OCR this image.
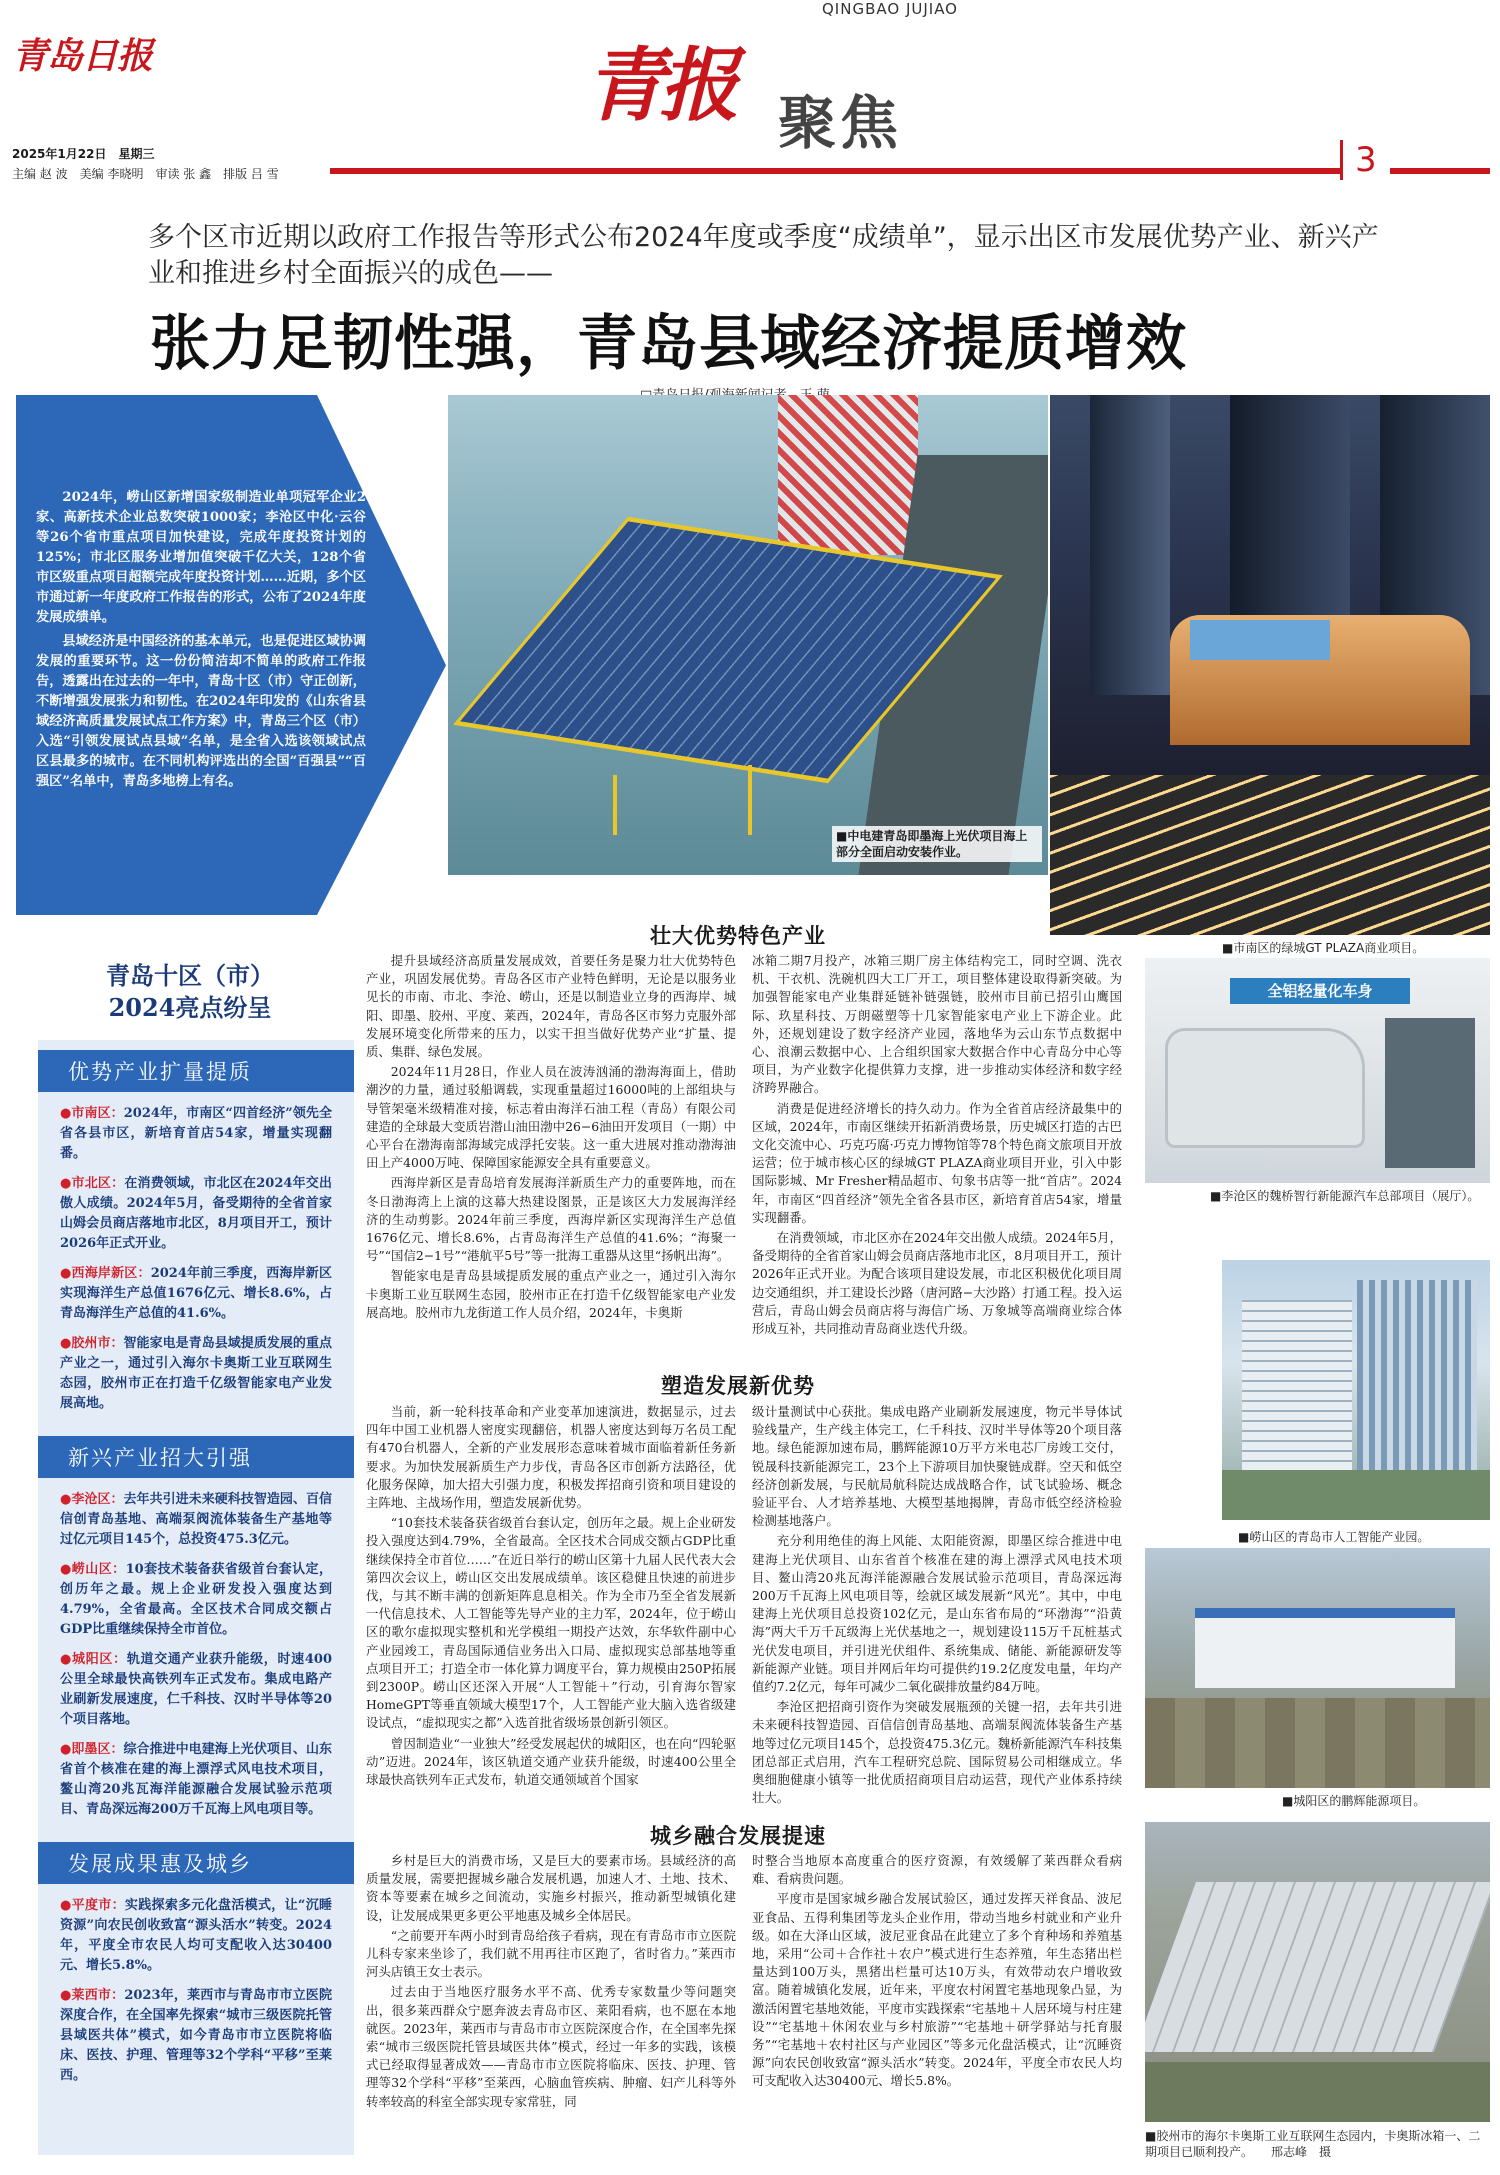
QINGBAO JUJIAO
青岛日报	青报 聚焦
2025年1月22日　星期三
主编 赵 波　美编 李晓明　审读 张 鑫　排版 吕 雪	3
多个区市近期以政府工作报告等形式公布2024年度或季度“成绩单”，显示出区市发展优势产业、新兴产业和推进乡村全面振兴的成色——
张力足韧性强，青岛县域经济提质增效

2024年，崂山区新增国家级制造业单项冠军企业2家、高新技术企业总数突破1000家；李沧区中化·云谷等26个省市重点项目加快建设，完成年度投资计划的125%；市北区服务业增加值突破千亿大关，128个省市区级重点项目超额完成年度投资计划……近期，多个区市通过新一年度政府工作报告的形式，公布了2024年度发展成绩单。

县域经济是中国经济的基本单元，也是促进区域协调发展的重要环节。这一份份简洁却不简单的政府工作报告，透露出在过去的一年中，青岛十区（市）守正创新，不断增强发展张力和韧性。在2024年印发的《山东省县域经济高质量发展试点工作方案》中，青岛三个区（市）入选“引领发展试点县域”名单，是全省入选该领域试点区县最多的城市。在不同机构评选出的全国“百强县”“百强区”名单中，青岛多地榜上有名。

■中电建青岛即墨海上光伏项目海上部分全面启动安装作业。
■市南区的绿城GT PLAZA商业项目。
青岛十区（市）
2024亮点纷呈
优势产业扩量提质

●市南区：2024年，市南区“四首经济”领先全省各县市区，新培育首店54家，增量实现翻番。

●市北区：在消费领域，市北区在2024年交出傲人成绩。2024年5月，备受期待的全省首家山姆会员商店落地市北区，8月项目开工，预计2026年正式开业。

●西海岸新区：2024年前三季度，西海岸新区实现海洋生产总值1676亿元、增长8.6%，占青岛海洋生产总值的41.6%。

●胶州市：智能家电是青岛县域提质发展的重点产业之一，通过引入海尔卡奥斯工业互联网生态园，胶州市正在打造千亿级智能家电产业发展高地。

新兴产业招大引强

●李沧区：去年共引进未来硬科技智造园、百信信创青岛基地、高端泵阀流体装备生产基地等过亿元项目145个，总投资475.3亿元。

●崂山区：10套技术装备获省级首台套认定，创历年之最。规上企业研发投入强度达到4.79%，全省最高。全区技术合同成交额占GDP比重继续保持全市首位。

●城阳区：轨道交通产业获升能级，时速400公里全球最快高铁列车正式发布。集成电路产业刷新发展速度，仁千科技、汉时半导体等20个项目落地。

●即墨区：综合推进中电建海上光伏项目、山东省首个核准在建的海上漂浮式风电技术项目，鳌山湾20兆瓦海洋能源融合发展试验示范项目、青岛深远海200万千瓦海上风电项目等。

发展成果惠及城乡

●平度市：实践探索多元化盘活模式，让“沉睡资源”向农民创收致富“源头活水”转变。2024年，平度全市农民人均可支配收入达30400元、增长5.8%。

●莱西市：2023年，莱西市与青岛市市立医院深度合作，在全国率先探索“城市三级医院托管县域医共体”模式，如今青岛市市立医院将临床、医技、护理、管理等32个学科“平移”至莱西。

壮大优势特色产业

提升县域经济高质量发展成效，首要任务是聚力壮大优势特色产业，巩固发展优势。青岛各区市产业特色鲜明，无论是以服务业见长的市南、市北、李沧、崂山，还是以制造业立身的西海岸、城阳、即墨、胶州、平度、莱西，2024年，青岛各区市努力克服外部发展环境变化所带来的压力，以实干担当做好优势产业“扩量、提质、集群、绿色发展。

2024年11月28日，作业人员在波涛汹涌的渤海海面上，借助潮汐的力量，通过驳船调载，实现重量超过16000吨的上部组块与导管架毫米级精准对接，标志着由海洋石油工程（青岛）有限公司建造的全球最大变质岩潜山油田渤中26−6油田开发项目（一期）中心平台在渤海南部海域完成浮托安装。这一重大进展对推动渤海油田上产4000万吨、保障国家能源安全具有重要意义。

西海岸新区是青岛培育发展海洋新质生产力的重要阵地，而在冬日渤海湾上上演的这幕大热建设图景，正是该区大力发展海洋经济的生动剪影。2024年前三季度，西海岸新区实现海洋生产总值1676亿元、增长8.6%，占青岛海洋生产总值的41.6%；“海聚一号”“国信2−1号”“港航平5号”等一批海工重器从这里“扬帆出海”。

智能家电是青岛县域提质发展的重点产业之一，通过引入海尔卡奥斯工业互联网生态园，胶州市正在打造千亿级智能家电产业发展高地。胶州市九龙街道工作人员介绍，2024年，卡奥斯

冰箱二期7月投产，冰箱三期厂房主体结构完工，同时空调、洗衣机、干衣机、洗碗机四大工厂开工，项目整体建设取得新突破。为加强智能家电产业集群延链补链强链，胶州市目前已招引山鹰国际、玖星科技、万朗磁塑等十几家智能家电产业上下游企业。此外，还规划建设了数字经济产业园，落地华为云山东节点数据中心、浪潮云数据中心、上合组织国家大数据合作中心青岛分中心等项目，为产业数字化提供算力支撑，进一步推动实体经济和数字经济跨界融合。

消费是促进经济增长的持久动力。作为全省首店经济最集中的区域，2024年，市南区继续开拓新消费场景，历史城区打造的古巴文化交流中心、巧克巧腐·巧克力博物馆等78个特色商文旅项目开放运营；位于城市核心区的绿城GT PLAZA商业项目开业，引入中影国际影城、Mr Fresher精品超市、句象书店等一批“首店”。2024年，市南区“四首经济”领先全省各县市区，新培育首店54家，增量实现翻番。

在消费领域，市北区亦在2024年交出傲人成绩。2024年5月，备受期待的全省首家山姆会员商店落地市北区，8月项目开工，预计2026年正式开业。为配合该项目建设发展，市北区积极优化项目周边交通组织，并工建设长沙路（唐河路−大沙路）打通工程。投入运营后，青岛山姆会员商店将与海信广场、万象城等高端商业综合体形成互补，共同推动青岛商业迭代升级。

全铝轻量化车身
■李沧区的魏桥智行新能源汽车总部项目（展厅）。
塑造发展新优势

当前，新一轮科技革命和产业变革加速演进，数据显示，过去四年中国工业机器人密度实现翻倍，机器人密度达到每万名员工配有470台机器人，全新的产业发展形态意味着城市面临着新任务新要求。为加快发展新质生产力步伐，青岛各区市创新方法路径，优化服务保障，加大招大引强力度，积极发挥招商引资和项目建设的主阵地、主战场作用，塑造发展新优势。

“10套技术装备获省级首台套认定，创历年之最。规上企业研发投入强度达到4.79%，全省最高。全区技术合同成交额占GDP比重继续保持全市首位……”在近日举行的崂山区第十九届人民代表大会第四次会议上，崂山区交出发展成绩单。该区稳健且快速的前进步伐，与其不断丰满的创新矩阵息息相关。作为全市乃至全省发展新一代信息技术、人工智能等先导产业的主力军，2024年，位于崂山区的歌尔虚拟现实整机和光学模组一期投产达效，东华软件副中心产业园竣工，青岛国际通信业务出入口局、虚拟现实总部基地等重点项目开工；打造全市一体化算力调度平台，算力规模由250P拓展到2300P。崂山区还深入开展“人工智能＋”行动，引育海尔智家HomeGPT等垂直领域大模型17个，人工智能产业大脑入选省级建设试点，“虚拟现实之都”入选首批省级场景创新引领区。

曾因制造业“一业独大”经受发展起伏的城阳区，也在向“四轮驱动”迈进。2024年，该区轨道交通产业获升能级，时速400公里全球最快高铁列车正式发布，轨道交通领域首个国家

级计量测试中心获批。集成电路产业刷新发展速度，物元半导体试验线量产，生产线主体完工，仁千科技、汉时半导体等20个项目落地。绿色能源加速布局，鹏辉能源10万平方米电芯厂房竣工交付，锐晟科技新能源完工，23个上下游项目加快聚链成群。空天和低空经济创新发展，与民航局航科院达成战略合作，试飞试验场、概念验证平台、人才培养基地、大模型基地揭牌，青岛市低空经济检验检测基地落户。

充分利用绝佳的海上风能、太阳能资源，即墨区综合推进中电建海上光伏项目、山东省首个核准在建的海上漂浮式风电技术项目、鳌山湾20兆瓦海洋能源融合发展试验示范项目，青岛深远海200万千瓦海上风电项目等，绘就区域发展新“风光”。其中，中电建海上光伏项目总投资102亿元，是山东省布局的“环渤海”“沿黄海”两大千万千瓦级海上光伏基地之一，规划建设115万千瓦桩基式光伏发电项目，并引进光伏组件、系统集成、储能、新能源研发等新能源产业链。项目并网后年均可提供约19.2亿度发电量，年均产值约7.2亿元，每年可减少二氧化碳排放量约84万吨。

李沧区把招商引资作为突破发展瓶颈的关键一招，去年共引进未来硬科技智造园、百信信创青岛基地、高端泵阀流体装备生产基地等过亿元项目145个，总投资475.3亿元。魏桥新能源汽车科技集团总部正式启用，汽车工程研究总院、国际贸易公司相继成立。华奥细胞健康小镇等一批优质招商项目启动运营，现代产业体系持续壮大。

■崂山区的青岛市人工智能产业园。
■城阳区的鹏辉能源项目。
城乡融合发展提速

乡村是巨大的消费市场，又是巨大的要素市场。县域经济的高质量发展，需要把握城乡融合发展机遇，加速人才、土地、技术、资本等要素在城乡之间流动，实施乡村振兴，推动新型城镇化建设，让发展成果更多更公平地惠及城乡全体居民。

“之前要开车两小时到青岛给孩子看病，现在有青岛市市立医院儿科专家来坐诊了，我们就不用再往市区跑了，省时省力。”莱西市河头店镇王女士表示。

过去由于当地医疗服务水平不高、优秀专家数量少等问题突出，很多莱西群众宁愿奔波去青岛市区、莱阳看病，也不愿在本地就医。2023年，莱西市与青岛市市立医院深度合作，在全国率先探索“城市三级医院托管县域医共体”模式，经过一年多的实践，该模式已经取得显著成效——青岛市市立医院将临床、医技、护理、管理等32个学科“平移”至莱西，心脑血管疾病、肿瘤、妇产儿科等外转率较高的科室全部实现专家常驻，同

时整合当地原本高度重合的医疗资源，有效缓解了莱西群众看病难、看病贵问题。

平度市是国家城乡融合发展试验区，通过发挥天祥食品、波尼亚食品、五得利集团等龙头企业作用，带动当地乡村就业和产业升级。如在大泽山区域，波尼亚食品在此建立了多个育种场和养殖基地，采用“公司＋合作社＋农户”模式进行生态养殖，年生态猪出栏量达到100万头，黑猪出栏量可达10万头，有效带动农户增收致富。随着城镇化发展，近年来，平度农村闲置宅基地现象凸显，为激活闲置宅基地效能，平度市实践探索“宅基地＋人居环境与村庄建设”“宅基地＋休闲农业与乡村旅游”“宅基地＋研学驿站与托育服务”“宅基地＋农村社区与产业园区”等多元化盘活模式，让“沉睡资源”向农民创收致富“源头活水”转变。2024年，平度全市农民人均可支配收入达30400元、增长5.8%。

■胶州市的海尔卡奥斯工业互联网生态园内，卡奥斯冰箱一、二期项目已顺利投产。　　邢志峰　摄
